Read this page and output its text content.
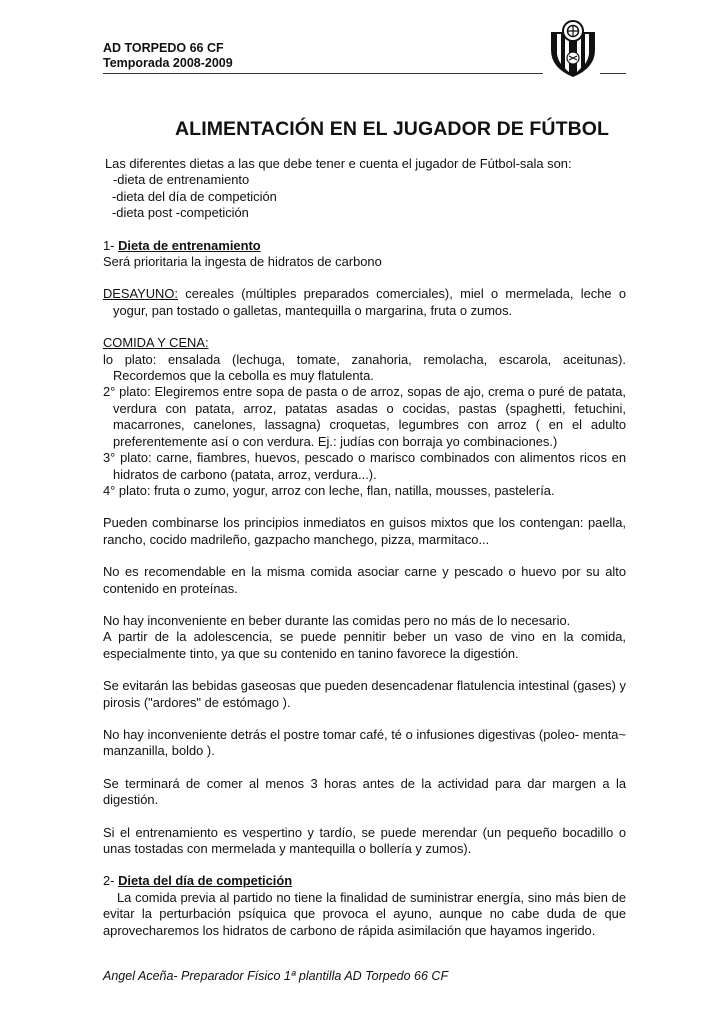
AD TORPEDO 66 CF
Temporada 2008-2009
ALIMENTACIÓN EN EL JUGADOR DE FÚTBOL

Las diferentes dietas a las que debe tener e cuenta el jugador de Fútbol-sala son:

-dieta de entrenamiento
-dieta del día de competición
-dieta post -competición

1- Dieta de entrenamiento

Será prioritaria la ingesta de hidratos de carbono

DESAYUNO: cereales (múltiples preparados comerciales), miel o mermelada, leche o yogur, pan tostado o galletas, mantequilla o margarina, fruta o zumos.

COMIDA Y CENA:

lo plato: ensalada (lechuga, tomate, zanahoria, remolacha, escarola, aceitunas). Recordemos que la cebolla es muy flatulenta.

2° plato: Elegiremos entre sopa de pasta o de arroz, sopas de ajo, crema o puré de patata, verdura con patata, arroz, patatas asadas o cocidas, pastas (spaghetti, fetuchini, macarrones, canelones, lassagna) croquetas, legumbres con arroz ( en el adulto preferentemente así o con verdura. Ej.: judías con borraja yo combinaciones.)

3° plato: carne, fiambres, huevos, pescado o marisco combinados con alimentos ricos en hidratos de carbono (patata, arroz, verdura...).

4° plato: fruta o zumo, yogur, arroz con leche, flan, natilla, mousses, pastelería.

Pueden combinarse los principios inmediatos en guisos mixtos que los contengan: paella, rancho, cocido madrileño, gazpacho manchego, pizza, marmitaco...

No es recomendable en la misma comida asociar carne y pescado o huevo por su alto contenido en proteínas.

No hay inconveniente en beber durante las comidas pero no más de lo necesario.

A partir de la adolescencia, se puede pennitir beber un vaso de vino en la comida, especialmente tinto, ya que su contenido en tanino favorece la digestión.

Se evitarán las bebidas gaseosas que pueden desencadenar flatulencia intestinal (gases) y pirosis ("ardores" de estómago ).

No hay inconveniente detrás el postre tomar café, té o infusiones digestivas (poleo- menta~ manzanilla, boldo ).

Se terminará de comer al menos 3 horas antes de la actividad para dar margen a la digestión.

Si el entrenamiento es vespertino y tardío, se puede merendar (un pequeño bocadillo o unas tostadas con mermelada y mantequilla o bollería y zumos).

2- Dieta del día de competición

La comida previa al partido no tiene la finalidad de suministrar energía, sino más bien de evitar la perturbación psíquica que provoca el ayuno, aunque no cabe duda de que aprovecharemos los hidratos de carbono de rápida asimilación que hayamos ingerido.

Angel Aceña- Preparador Físico 1ª plantilla AD Torpedo 66 CF
